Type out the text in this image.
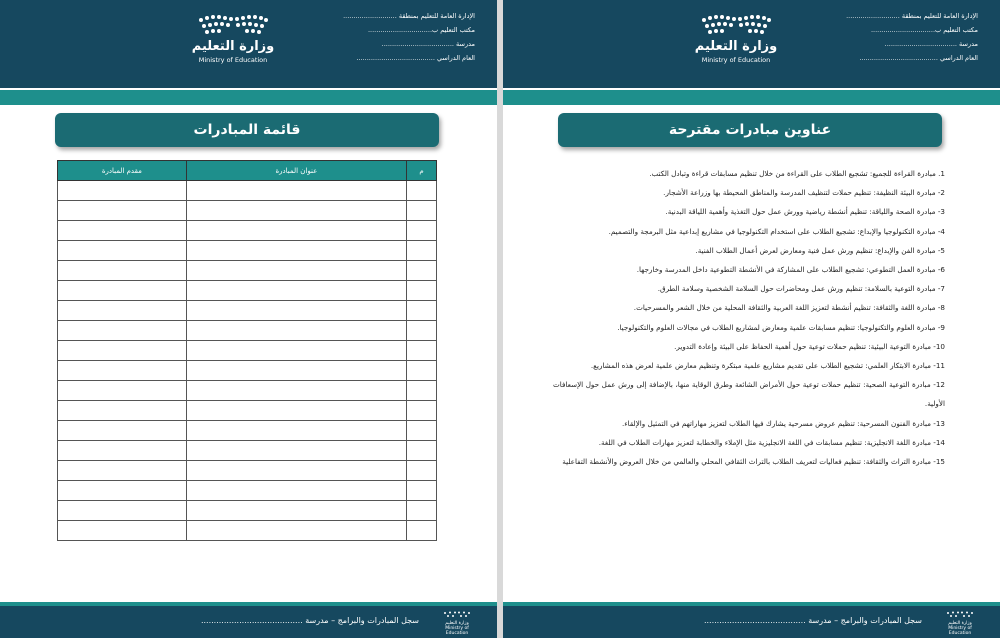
وزارة التعليم
Ministry of Education
الإدارة العامة للتعليم بمنطقة ..........................
مكتب التعليم ب...............................
مدرسة ...................................
العام الدراسي ......................................
قائمة المبادرات
م	عنوان المبادرة	مقدم المبادرة

سجل المبادرات والبرامج – مدرسة ........................................	وزارة التعليم
Ministry of Education
وزارة التعليم
Ministry of Education
الإدارة العامة للتعليم بمنطقة ..........................
مكتب التعليم ب...............................
مدرسة ...................................
العام الدراسي ......................................
عناوين مبادرات مقترحة

1. مبادرة القراءة للجميع: تشجيع الطلاب على القراءة من خلال تنظيم مسابقات قراءة وتبادل الكتب.

2- مبادرة البيئة النظيفة: تنظيم حملات لتنظيف المدرسة والمناطق المحيطة بها وزراعة الأشجار.

3- مبادرة الصحة واللياقة: تنظيم أنشطة رياضية وورش عمل حول التغذية وأهمية اللياقة البدنية.

4- مبادرة التكنولوجيا والإبداع: تشجيع الطلاب على استخدام التكنولوجيا في مشاريع إبداعية مثل البرمجة والتصميم.

5- مبادرة الفن والإبداع: تنظيم ورش عمل فنية ومعارض لعرض أعمال الطلاب الفنية.

6- مبادرة العمل التطوعي: تشجيع الطلاب على المشاركة في الأنشطة التطوعية داخل المدرسة وخارجها.

7- مبادرة التوعية بالسلامة: تنظيم ورش عمل ومحاضرات حول السلامة الشخصية وسلامة الطرق.

8- مبادرة اللغة والثقافة: تنظيم أنشطة لتعزيز اللغة العربية والثقافة المحلية من خلال الشعر والمسرحيات.

9- مبادرة العلوم والتكنولوجيا: تنظيم مسابقات علمية ومعارض لمشاريع الطلاب في مجالات العلوم والتكنولوجيا.

10- مبادرة التوعية البيئية: تنظيم حملات توعية حول أهمية الحفاظ على البيئة وإعادة التدوير.

11- مبادرة الابتكار العلمي: تشجيع الطلاب على تقديم مشاريع علمية مبتكرة وتنظيم معارض علمية لعرض هذه المشاريع.

12- مبادرة التوعية الصحية: تنظيم حملات توعية حول الأمراض الشائعة وطرق الوقاية منها، بالإضافة إلى ورش عمل حول الإسعافات الأولية.

13- مبادرة الفنون المسرحية: تنظيم عروض مسرحية يشارك فيها الطلاب لتعزيز مهاراتهم في التمثيل والإلقاء.

14- مبادرة اللغة الانجليزية: تنظيم مسابقات في اللغة الانجليزية مثل الإملاء والخطابة لتعزيز مهارات الطلاب في اللغة.

15- مبادرة التراث والثقافة: تنظيم فعاليات لتعريف الطلاب بالتراث الثقافي المحلي والعالمي من خلال العروض والأنشطة التفاعلية

سجل المبادرات والبرامج – مدرسة ........................................	وزارة التعليم
Ministry of Education
